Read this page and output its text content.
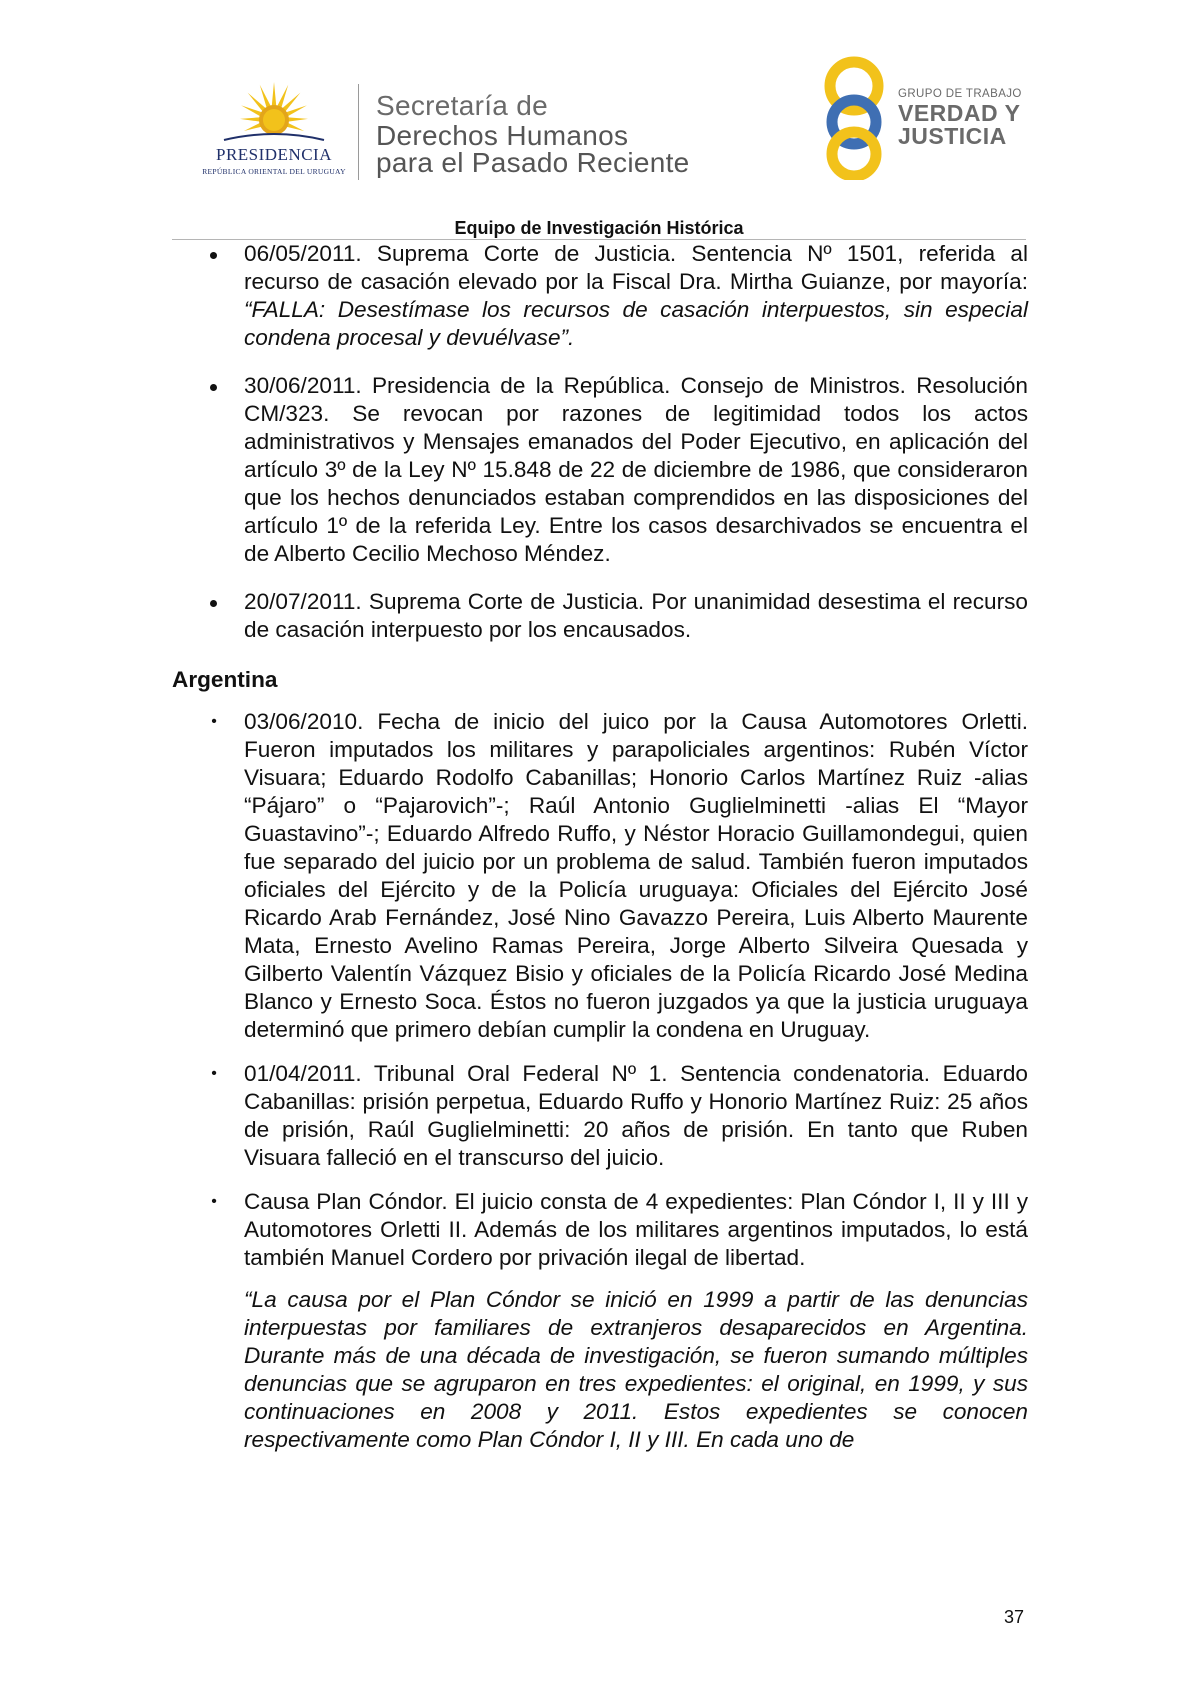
PRESIDENCIA
REPÚBLICA ORIENTAL DEL URUGUAY
Secretaría de
Derechos Humanos
para el Pasado Reciente
GRUPO DE TRABAJO
VERDAD Y
JUSTICIA
Equipo de Investigación Histórica

06/05/2011. Suprema Corte de Justicia. Sentencia Nº 1501, referida al recurso de casación elevado por la Fiscal Dra. Mirtha Guianze, por mayoría: “FALLA: Desestímase los recursos de casación interpuestos, sin especial condena procesal y devuélvase”.

30/06/2011. Presidencia de la República. Consejo de Ministros. Resolución CM/323. Se revocan por razones de legitimidad todos los actos administrativos y Mensajes emanados del Poder Ejecutivo, en aplicación del artículo 3º de la Ley Nº 15.848 de 22 de diciembre de 1986, que consideraron que los hechos denunciados estaban comprendidos en las disposiciones del artículo 1º de la referida Ley. Entre los casos desarchivados se encuentra el de Alberto Cecilio Mechoso Méndez.

20/07/2011. Suprema Corte de Justicia. Por unanimidad desestima el recurso de casación interpuesto por los encausados.

Argentina

• 03/06/2010. Fecha de inicio del juico por la Causa Automotores Orletti. Fueron imputados los militares y parapoliciales argentinos: Rubén Víctor Visuara; Eduardo Rodolfo Cabanillas; Honorio Carlos Martínez Ruiz -alias “Pájaro” o “Pajarovich”-; Raúl Antonio Guglielminetti -alias El “Mayor Guastavino”-; Eduardo Alfredo Ruffo, y Néstor Horacio Guillamondegui, quien fue separado del juicio por un problema de salud. También fueron imputados oficiales del Ejército y de la Policía uruguaya: Oficiales del Ejército José Ricardo Arab Fernández, José Nino Gavazzo Pereira, Luis Alberto Maurente Mata, Ernesto Avelino Ramas Pereira, Jorge Alberto Silveira Quesada y Gilberto Valentín Vázquez Bisio y oficiales de la Policía Ricardo José Medina Blanco y Ernesto Soca. Éstos no fueron juzgados ya que la justicia uruguaya determinó que primero debían cumplir la condena en Uruguay.

• 01/04/2011. Tribunal Oral Federal Nº 1. Sentencia condenatoria. Eduardo Cabanillas: prisión perpetua, Eduardo Ruffo y Honorio Martínez Ruiz: 25 años de prisión, Raúl Guglielminetti: 20 años de prisión. En tanto que Ruben Visuara falleció en el transcurso del juicio.

• Causa Plan Cóndor. El juicio consta de 4 expedientes: Plan Cóndor I, II y III y Automotores Orletti II. Además de los militares argentinos imputados, lo está también Manuel Cordero por privación ilegal de libertad.

“La causa por el Plan Cóndor se inició en 1999 a partir de las denuncias interpuestas por familiares de extranjeros desaparecidos en Argentina. Durante más de una década de investigación, se fueron sumando múltiples denuncias que se agruparon en tres expedientes: el original, en 1999, y sus continuaciones en 2008 y 2011. Estos expedientes se conocen respectivamente como Plan Cóndor I, II y III. En cada uno de

37
